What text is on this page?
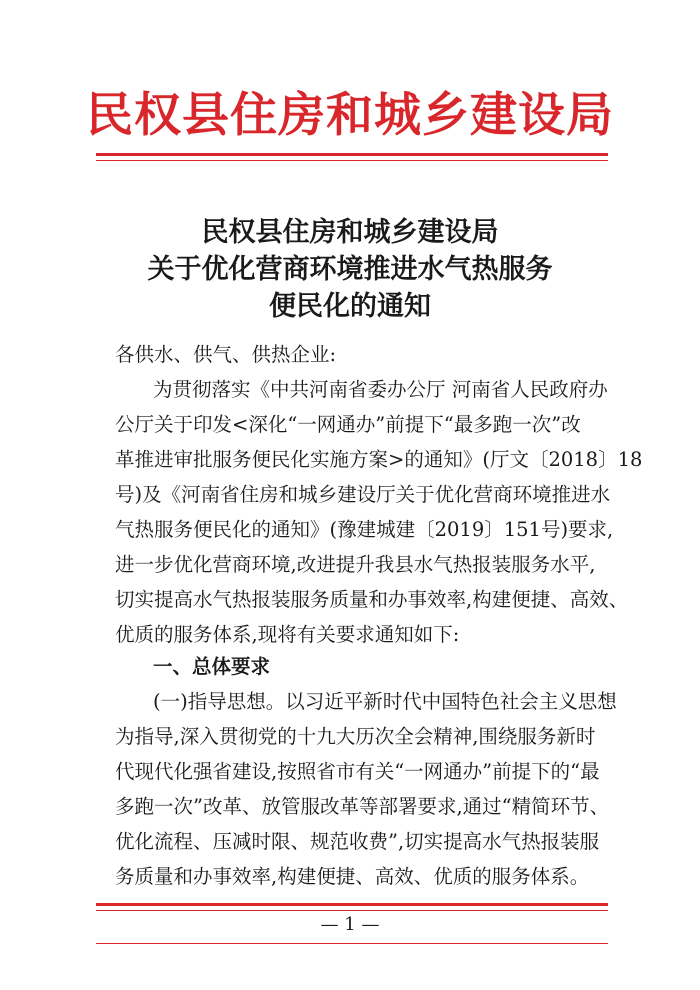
民权县住房和城乡建设局
民权县住房和城乡建设局
关于优化营商环境推进水气热服务
便民化的通知
各供水、供气、供热企业:
为贯彻落实《中共河南省委办公厅 河南省人民政府办
公厅关于印发<深化“一网通办”前提下“最多跑一次”改
革推进审批服务便民化实施方案>的通知》(厅文〔2018〕18
号)及《河南省住房和城乡建设厅关于优化营商环境推进水
气热服务便民化的通知》(豫建城建〔2019〕151号)要求,
进一步优化营商环境,改进提升我县水气热报装服务水平,
切实提高水气热报装服务质量和办事效率,构建便捷、高效、
优质的服务体系,现将有关要求通知如下:
一、总体要求
(一)指导思想。以习近平新时代中国特色社会主义思想
为指导,深入贯彻党的十九大历次全会精神,围绕服务新时
代现代化强省建设,按照省市有关“一网通办”前提下的“最
多跑一次”改革、放管服改革等部署要求,通过“精简环节、
优化流程、压减时限、规范收费”,切实提高水气热报装服
务质量和办事效率,构建便捷、高效、优质的服务体系。
— 1 —
